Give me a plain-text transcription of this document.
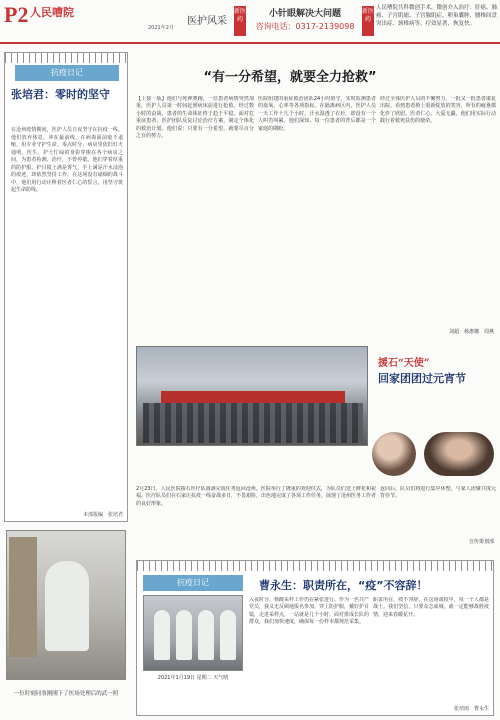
P2 人民嘈院
2021年2月
医护风采
新医药
小针眼解决大问题
咨询电话：0317-2139098
新医药
人民嘈院共科微创手术，微创介入治疗：肝癌、肺癌、子宫肌瘤、子宫腺肌症、卵巢囊肿、腰椎间盘突出症、颈椎病等。疗效显著，恢复快。
抗疫日记
张培君：零时的坚守
在沧州疫情期间，医护人员日夜坚守在抗疫一线。他们放弃休息，冲在最前线，在病毒面前毫不退缩，用专业守护生命。零点时分，病房里依旧灯火通明，医生、护士忙碌的身影穿梭在各个病房之间，为患者检测、治疗，不曾停歇。他们穿着厚重的防护服，护目镜上满是雾气，手上满是汗水浸泡的痕迹，却依然坚持工作。在这场没有硝烟的战斗中，他们用行动诠释着医者仁心的誓言，用坚守筑起生命防线。
本部报编　张培君
一位时刻同事刚刚下了医场处理后的武一照
“有一分希望，就要全力抢救”
【上接一版】他们与死神赛跑，一位患者病情突然加重，医护人员第一时间赶到病床前进行抢救。经过数小时的奋战，患者的生命体征终于趋于平稳。面对危重症患者，医护团队反复讨论治疗方案，制定个体化的救治计划。他们说：只要有一分希望，就要尽百分之百的努力。
医院组建的重症救治团队24小时值守，实时监测患者的血氧、心率等各项指标。在隔离病区内，医护人员一天工作十几个小时，汗水湿透了衣衫，却没有一个人叫苦叫累。他们深知，每一位患者的背后都是一个家庭的期盼。
经过全体医护人员的不懈努力，一批又一批患者康复出院。看到患者脸上重新绽放的笑容，所有的疲惫都化作了欣慰。医者仁心，大爱无疆，他们用实际行动践行着救死扶伤的使命。
刘超　杨惠娜　周燕
援石“天使”
回家团团过元宵节
2月23日，人民医院援石医疗队圆满完成任务返回沧州。医院举行了隆重的欢迎仪式，为队员们送上鲜花和祝福。医疗队员们在石家庄抗疫一线奋战多日，不畏艰险，出色地完成了各项工作任务，展现了沧州医务工作者的良好形象。
返回后，队员们将进行集中休整，与家人团聚共度元宵佳节。
宣传策划部
抗疫日记	曹永生：职责所在，“疫”不容辞！
2021年1月19日 星期二 天气晴
入夜时分，核酸采样工作仍在紧张进行。作为一名共产党员，我义无反顾地报名参加。穿上防护服，戴好护目镜，走进采样点，一站就是几个小时。面对排成长队的群众，我们加快速度，确保每一份样本都规范采集。
职责所在，疫不容辞。在这场战疫中，每一个人都是战士。我们坚信，只要众志成城，就一定能够战胜疫情，迎来春暖花开。
张培雨　曹永生
